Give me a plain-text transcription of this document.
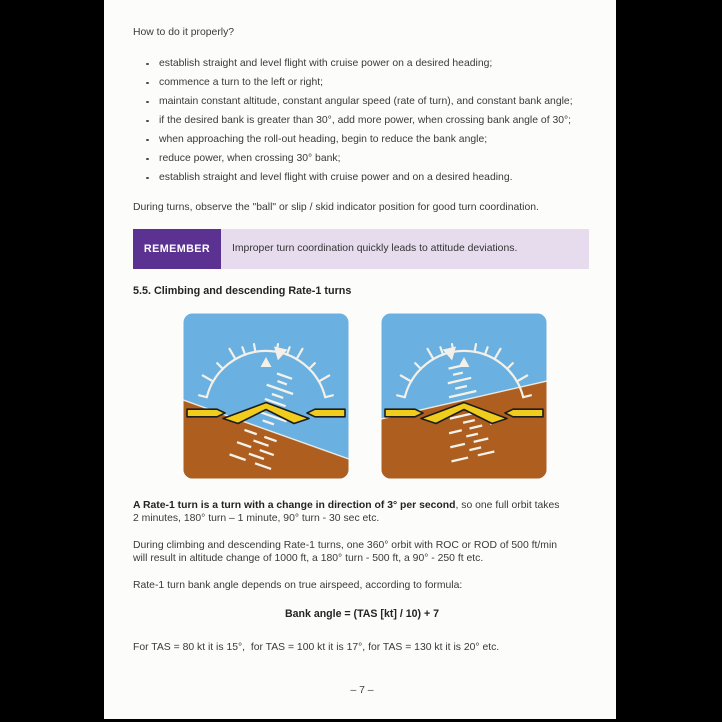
How to do it properly?

establish straight and level flight with cruise power on a desired heading;
commence a turn to the left or right;
maintain constant altitude, constant angular speed (rate of turn), and constant bank angle;
if the desired bank is greater than 30°, add more power, when crossing bank angle of 30°;
when approaching the roll-out heading, begin to reduce the bank angle;
reduce power, when crossing 30° bank;
establish straight and level flight with cruise power and on a desired heading.

During turns, observe the "ball" or slip / skid indicator position for good turn coordination.

REMEMBER	Improper turn coordination quickly leads to attitude deviations.
5.5. Climbing and descending Rate-1 turns

A Rate-1 turn is a turn with a change in direction of 3° per second, so one full orbit takes
2 minutes, 180° turn – 1 minute, 90° turn - 30 sec etc.

During climbing and descending Rate-1 turns, one 360° orbit with ROC or ROD of 500 ft/min
will result in altitude change of 1000 ft, a 180° turn - 500 ft, a 90° - 250 ft etc.

Rate-1 turn bank angle depends on true airspeed, according to formula:

Bank angle = (TAS [kt] / 10) + 7

For TAS = 80 kt it is 15°,  for TAS = 100 kt it is 17°, for TAS = 130 kt it is 20° etc.

– 7 –
